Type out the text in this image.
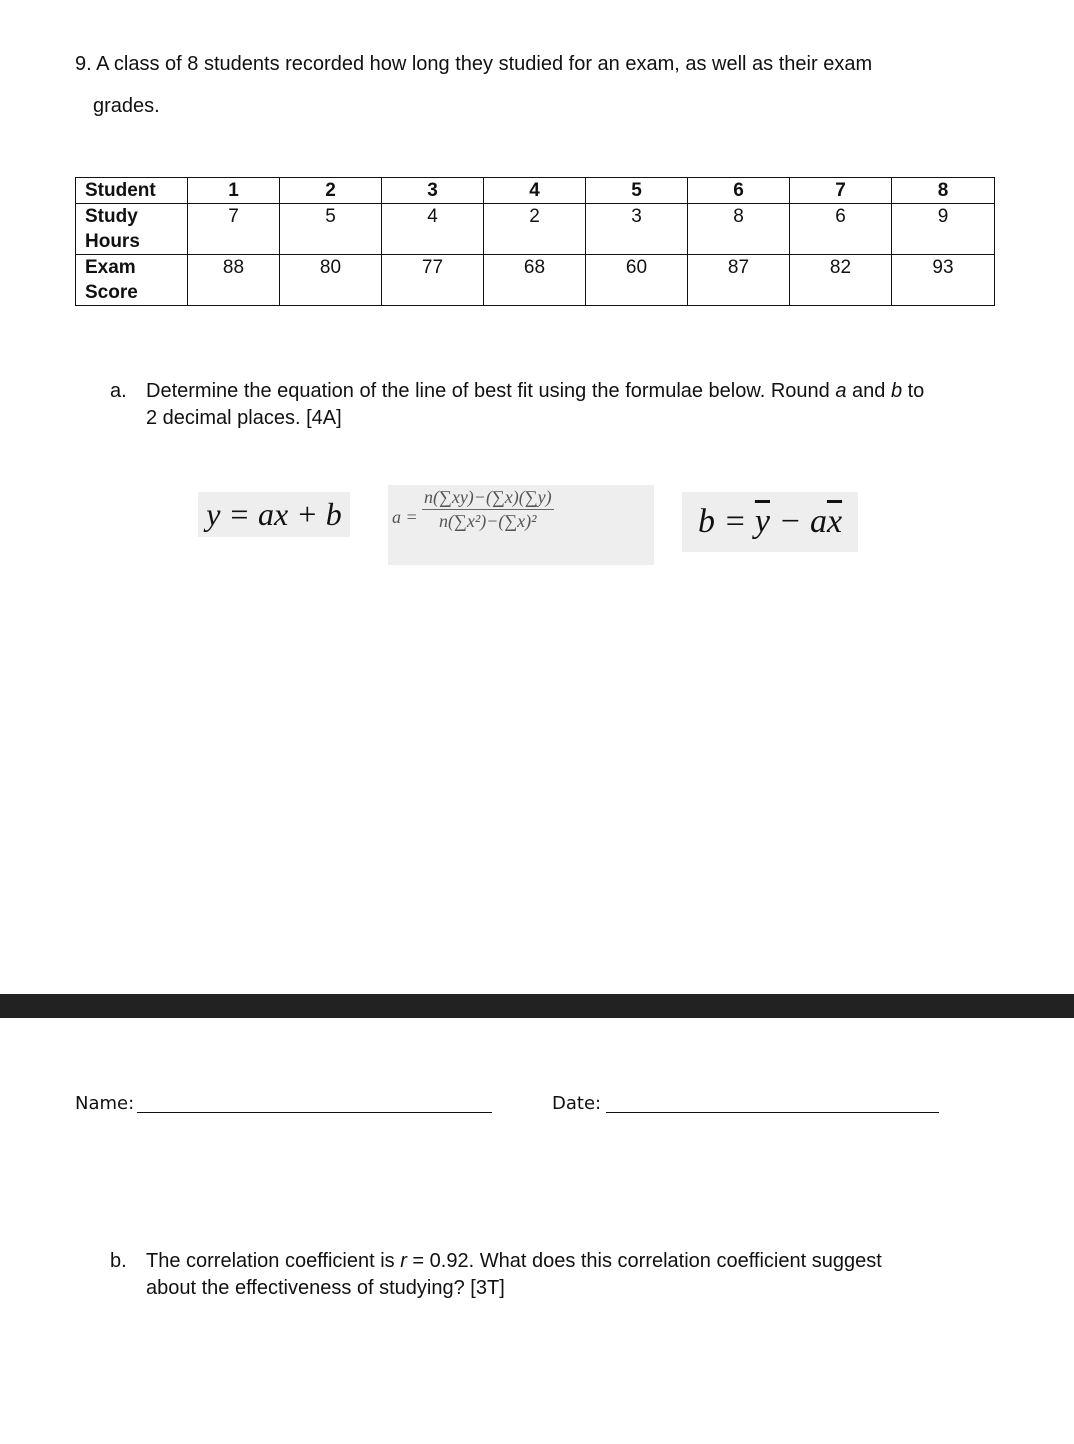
9. A class of 8 students recorded how long they studied for an exam, as well as their exam
grades.
Student	1	2	3	4	5	6	7	8

Study
Hours	7	5	4	2	3	8	6	9

Exam
Score	88	80	77	68	60	87	82	93
a. Determine the equation of the line of best fit using the formulae below. Round a and b to
2 decimal places. [4A]
y = ax + b	$a = \frac{n(\sum xy)-(\sum x)(\sum y)}{\text{n(∑x²)−(∑x)²}}$	$b = \overline{y} - a\overline{x}$
Name:	Date:
b. The correlation coefficient is r = 0.92. What does this correlation coefficient suggest
about the effectiveness of studying? [3T]
